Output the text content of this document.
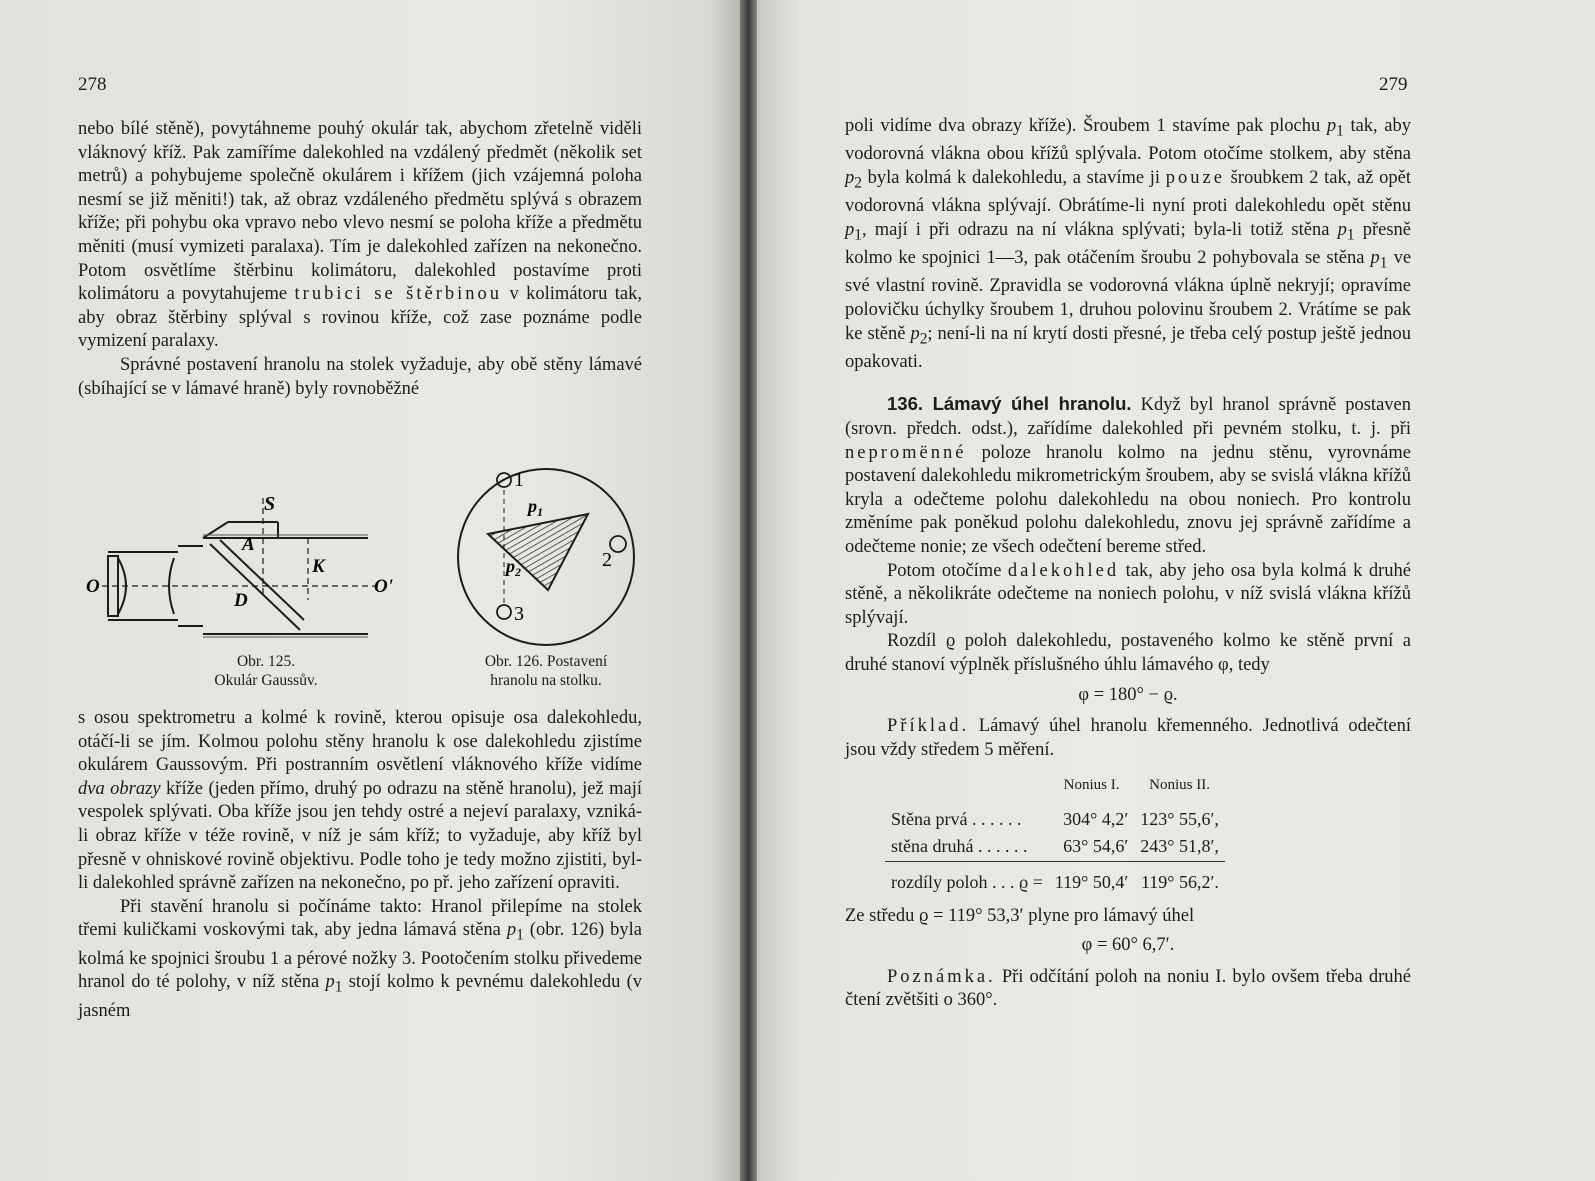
278

nebo bílé stěně), povytáhneme pouhý okulár tak, abychom zřetelně viděli vláknový kříž. Pak zamíříme dalekohled na vzdálený předmět (několik set metrů) a pohybujeme společně okulárem i křížem (jich vzájemná poloha nesmí se již měniti!) tak, až obraz vzdáleného předmětu splývá s obrazem kříže; při pohybu oka vpravo nebo vlevo nesmí se poloha kříže a předmětu měniti (musí vymizeti paralaxa). Tím je dalekohled zařízen na nekonečno. Potom osvětlíme štěrbinu kolimátoru, dalekohled postavíme proti kolimátoru a povytahujeme trubici se štěrbinou v kolimátoru tak, aby obraz štěrbiny splýval s rovinou kříže, což zase poznáme podle vymizení paralaxy.

Správné postavení hranolu na stolek vyžaduje, aby obě stěny lámavé (sbíhající se v lámavé hraně) byly rovnoběžné

S
A
K
D
O	O'
1
2
3
$p_1$
$p_2$
Obr. 125.
Okulár Gaussův.
Obr. 126. Postavení
hranolu na stolku.

s osou spektrometru a kolmé k rovině, kterou opisuje osa dalekohledu, otáčí-li se jím. Kolmou polohu stěny hranolu k ose dalekohledu zjistíme okulárem Gaussovým. Při postranním osvětlení vláknového kříže vidíme dva obrazy kříže (jeden přímo, druhý po odrazu na stěně hranolu), jež mají vespolek splývati. Oba kříže jsou jen tehdy ostré a nejeví paralaxy, vzniká-li obraz kříže v téže rovině, v níž je sám kříž; to vyžaduje, aby kříž byl přesně v ohniskové rovině objektivu. Podle toho je tedy možno zjistiti, byl-li dalekohled správně zařízen na nekonečno, po př. jeho zařízení opraviti.

Při stavění hranolu si počínáme takto: Hranol přilepíme na stolek třemi kuličkami voskovými tak, aby jedna lámavá stěna $p_1$ (obr. 126) byla kolmá ke spojnici šroubu 1 a pérové nožky 3. Pootočením stolku přivedeme hranol do té polohy, v níž stěna $p_1$ stojí kolmo k pevnému dalekohledu (v jasném

279

poli vidíme dva obrazy kříže). Šroubem 1 stavíme pak plochu $p_1$ tak, aby vodorovná vlákna obou křížů splývala. Potom otočíme stolkem, aby stěna $p_2$ byla kolmá k dalekohledu, a stavíme ji pouze šroubkem 2 tak, až opět vodorovná vlákna splývají. Obrátíme-li nyní proti dalekohledu opět stěnu $p_1$, mají i při odrazu na ní vlákna splývati; byla-li totiž stěna $p_1$ přesně kolmo ke spojnici 1—3, pak otáčením šroubu 2 pohybovala se stěna $p_1$ ve své vlastní rovině. Zpravidla se vodorovná vlákna úplně nekryjí; opravíme polovičku úchylky šroubem 1, druhou polovinu šroubem 2. Vrátíme se pak ke stěně $p_2$; není-li na ní krytí dosti přesné, je třeba celý postup ještě jednou opakovati.

136. Lámavý úhel hranolu. Když byl hranol správně postaven (srovn. předch. odst.), zařídíme dalekohled při pevném stolku, t. j. při nepromënné poloze hranolu kolmo na jednu stěnu, vyrovnáme postavení dalekohledu mikrometrickým šroubem, aby se svislá vlákna křížů kryla a odečteme polohu dalekohledu na obou noniech. Pro kontrolu změníme pak poněkud polohu dalekohledu, znovu jej správně zařídíme a odečteme nonie; ze všech odečtení bereme střed.

Potom otočíme dalekohled tak, aby jeho osa byla kolmá k druhé stěně, a několikráte odečteme na noniech polohu, v níž svislá vlákna křížů splývají.

Rozdíl ϱ poloh dalekohledu, postaveného kolmo ke stěně první a druhé stanoví výplněk příslušného úhlu lámavého φ, tedy

φ = 180° − ϱ.

Příklad. Lámavý úhel hranolu křemenného. Jednotlivá odečtení jsou vždy středem 5 měření.

	Nonius I.	Nonius II.
Stěna prvá . . . . . .	304° 4,2′	123° 55,6′,
stěna druhá . . . . . .	63° 54,6′	243° 51,8′,
rozdíly poloh . . . ϱ =	119° 50,4′	119° 56,2′.

Ze středu ϱ = 119° 53,3′ plyne pro lámavý úhel

φ = 60° 6,7′.

Poznámka. Při odčítání poloh na noniu I. bylo ovšem třeba druhé čtení zvětšiti o 360°.
